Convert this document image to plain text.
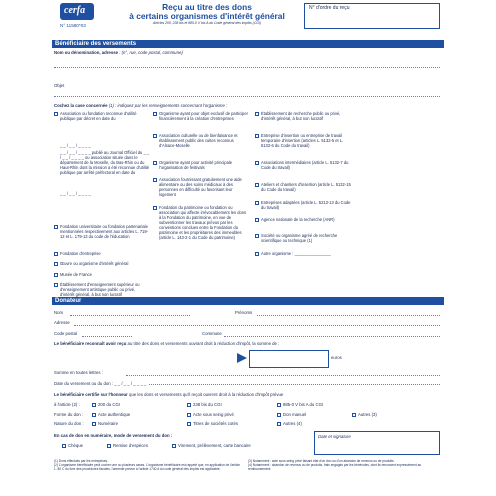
cerfa
N° 11580*03
Reçu au titre des dons
à certains organismes d'intérêt général
Articles 200, 238 bis et 885-0 V bis A du Code général des impôts (CGI)
N° d'ordre du reçu
Bénéficiaire des versements
Nom ou dénomination, adresse : (n°, rue, code postal, commune)
Objet
Cochez la case concernée (1) : indiquez par les renseignements concernant l'organisme :
Association ou fondation reconnue d'utilité publique par décret en date du
_ _ / _ _ / _ _ _ _
_ _ / _ _ / _ _ _ _ publié au Journal Officiel du _ _ / _ _ / _ _ _ _ ou association située dans le département de la Moselle, du Bas-Rhin ou du Haut-Rhin dont la mission a été reconnue d'utilité publique par arrêté préfectoral en date du
_ _ / _ _ / _ _ _ _
Fondation universitaire ou fondation partenariale mentionnées respectivement aux articles L. 719-12 et L. 179-13 du code de l'éducation
Fondation d'entreprise
Œuvre ou organisme d'intérêt général
Musée de France
Établissement d'enseignement supérieur ou d'enseignement artistique public ou privé, d'intérêt général, à but non lucratif
Organisme ayant pour objet exclusif de participer financièrement à la création d'entreprises
Association culturelle ou de bienfaisance et établissement public des cultes reconnus d'Alsace-Moselle
Organisme ayant pour activité principale l'organisation de festivals
Association fournissant gratuitement une aide alimentaire ou des soins médicaux à des personnes en difficulté ou favorisant leur logement
Fondation du patrimoine ou fondation ou association qui affecte irrévocablement les dons à la Fondation du patrimoine, en vue de subventionner les travaux prévus par les conventions conclues entre la Fondation du patrimoine et les propriétaires des immeubles (article L. 143-2-1 du Code du patrimoine)
Établissement de recherche public ou privé, d'intérêt général, à but non lucratif
Entreprise d'insertion ou entreprise de travail temporaire d'insertion (articles L. 5132-5 et L. 5132-6 du Code du travail)
Associations intermédiaires (article L. 5132-7 du Code du travail)
Ateliers et chantiers d'insertion (article L. 5132-15 du Code du travail)
Entreprises adaptées (article L. 5213-13 du Code du travail)
Agence nationale de la recherche (ANR)
Société ou organisme agréé de recherche scientifique ou technique (1)
Autre organisme : ________________
Donateur
Nom	Prénoms
Adresse
Code postal	Commune
Le bénéficiaire reconnaît avoir reçu au titre des dons et versements ouvrant droit à réduction d'impôt, la somme de :
euros
Somme en toutes lettres :
Date du versement ou du don : _ _ / _ _ / _ _ _ _
Le bénéficiaire certifie sur l'honneur que les dons et versements qu'il reçoit ouvrent droit à la réduction d'impôt prévue
à l'article (2) :	200 du CGI	238 bis du CGI	885-0 V bis A du CGI
Forme du don :	Acte authentique	Acte sous seing privé	Don manuel	Autres (3)
Nature du don :	Numéraire	Titres de sociétés cotés	Autres (4)
En cas de don en numéraire, mode de versement du don :
Chèque	Remise d'espèces	Virement, prélèvement, carte bancaire
Date et signature
(1) Dons effectués par les entreprises.
(2) L'organisme bénéficiaire peut cocher une ou plusieurs cases. L'organisme bénéficiaire est rappelé que, en application de l'article L. 80 C du livre des procédures fiscales, l'amende prévue à l'article 1740 A du code général des impôts est applicable.
(3) Notamment : acte sous seing privé faisant état d'un don ou d'un abandon de revenus ou de produits.
(4) Notamment : abandon de revenus ou de produits, frais engagés par les bénévoles, dont ils renoncent expressément au remboursement.
